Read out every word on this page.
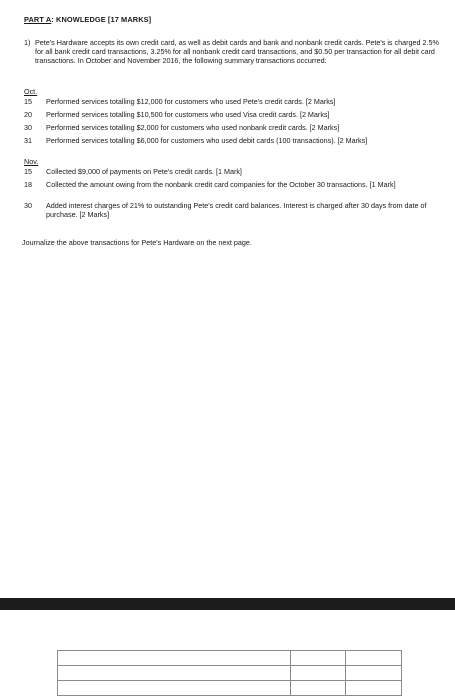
PART A: KNOWLEDGE [17 MARKS]
1) Pete's Hardware accepts its own credit card, as well as debit cards and bank and nonbank credit cards. Pete's is charged 2.5% for all bank credit card transactions, 3.25% for all nonbank credit card transactions, and $0.50 per transaction for all debit card transactions. In October and November 2016, the following summary transactions occurred:
Oct.
15	Performed services totalling $12,000 for customers who used Pete's credit cards. [2 Marks]
20	Performed services totalling $10,500 for customers who used Visa credit cards. [2 Marks]
30	Performed services totalling $2,000 for customers who used nonbank credit cards. [2 Marks]
31	Performed services totalling $6,000 for customers who used debit cards (100 transactions). [2 Marks]
Nov.
15	Collected $9,000 of payments on Pete's credit cards. [1 Mark]
18	Collected the amount owing from the nonbank credit card companies for the October 30 transactions. [1 Mark]
30	Added interest charges of 21% to outstanding Pete's credit card balances. Interest is charged after 30 days from date of purchase. [2 Marks]
Journalize the above transactions for Pete's Hardware on the next page.
